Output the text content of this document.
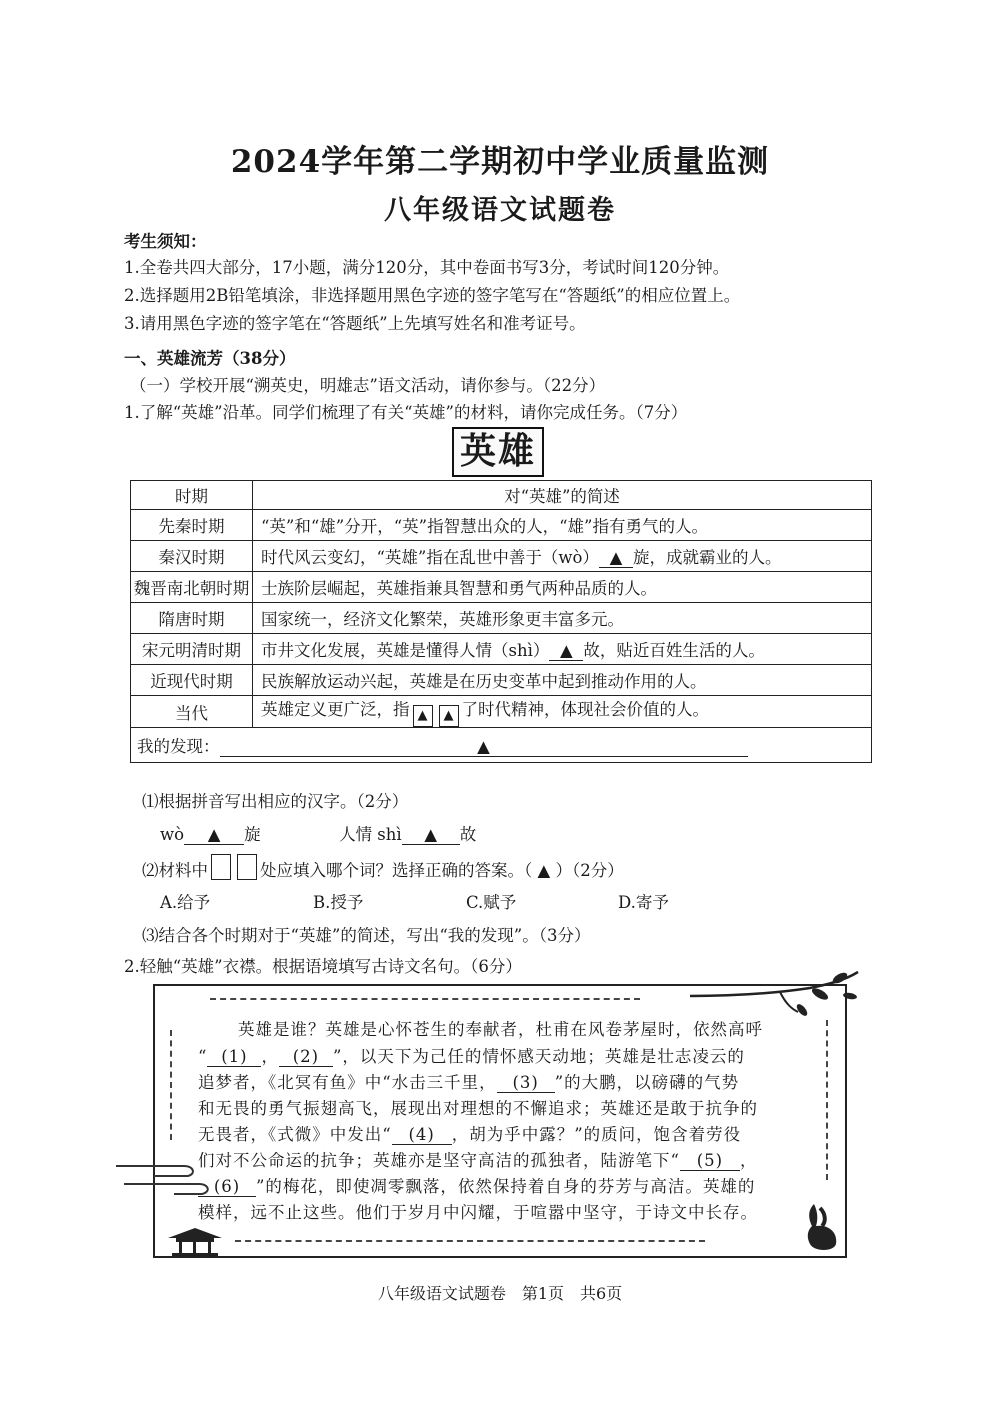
2024学年第二学期初中学业质量监测
八年级语文试题卷
考生须知：
1.全卷共四大部分，17小题，满分120分，其中卷面书写3分，考试时间120分钟。
2.选择题用2B铅笔填涂，非选择题用黑色字迹的签字笔写在“答题纸”的相应位置上。
3.请用黑色字迹的签字笔在“答题纸”上先填写姓名和准考证号。
一、英雄流芳（38分）
（一）学校开展“溯英史，明雄志”语文活动，请你参与。（22分）
1.了解“英雄”沿革。同学们梳理了有关“英雄”的材料，请你完成任务。（7分）
英雄
时期	对“英雄”的简述
先秦时期	“英”和“雄”分开，“英”指智慧出众的人，“雄”指有勇气的人。
秦汉时期	时代风云变幻，“英雄”指在乱世中善于（wò） ▲ 旋，成就霸业的人。
魏晋南北朝时期	士族阶层崛起，英雄指兼具智慧和勇气两种品质的人。
隋唐时期	国家统一，经济文化繁荣，英雄形象更丰富多元。
宋元明清时期	市井文化发展，英雄是懂得人情（shì） ▲ 故，贴近百姓生活的人。
近现代时期	民族解放运动兴起，英雄是在历史变革中起到推动作用的人。
当代	英雄定义更广泛，指 ▲ ▲ 了时代精神，体现社会价值的人。
我的发现： ▲	
⑴根据拼音写出相应的汉字。（2分）
wò ▲ 旋	人情 shì ▲ 故
⑵材料中	处应填入哪个词？选择正确的答案。（ ▲ ）（2分）
A.给予	B.授予	C.赋予	D.寄予
⑶结合各个时期对于“英雄”的简述，写出“我的发现”。（3分）
2.轻触“英雄”衣襟。根据语境填写古诗文名句。（6分）
英雄是谁？英雄是心怀苍生的奉献者，杜甫在风卷茅屋时，依然高呼
“ (1) ， (2) ”，以天下为己任的情怀感天动地；英雄是壮志凌云的
追梦者，《北冥有鱼》中“水击三千里， (3) ”的大鹏，以磅礴的气势
和无畏的勇气振翅高飞，展现出对理想的不懈追求；英雄还是敢于抗争的
无畏者，《式微》中发出“ (4) ，胡为乎中露？”的质问，饱含着劳役
们对不公命运的抗争；英雄亦是坚守高洁的孤独者，陆游笔下“ (5) ，
(6) ”的梅花，即使凋零飘落，依然保持着自身的芬芳与高洁。英雄的
模样，远不止这些。他们于岁月中闪耀，于喧嚣中坚守，于诗文中长存。
八年级语文试题卷　第1页　共6页
